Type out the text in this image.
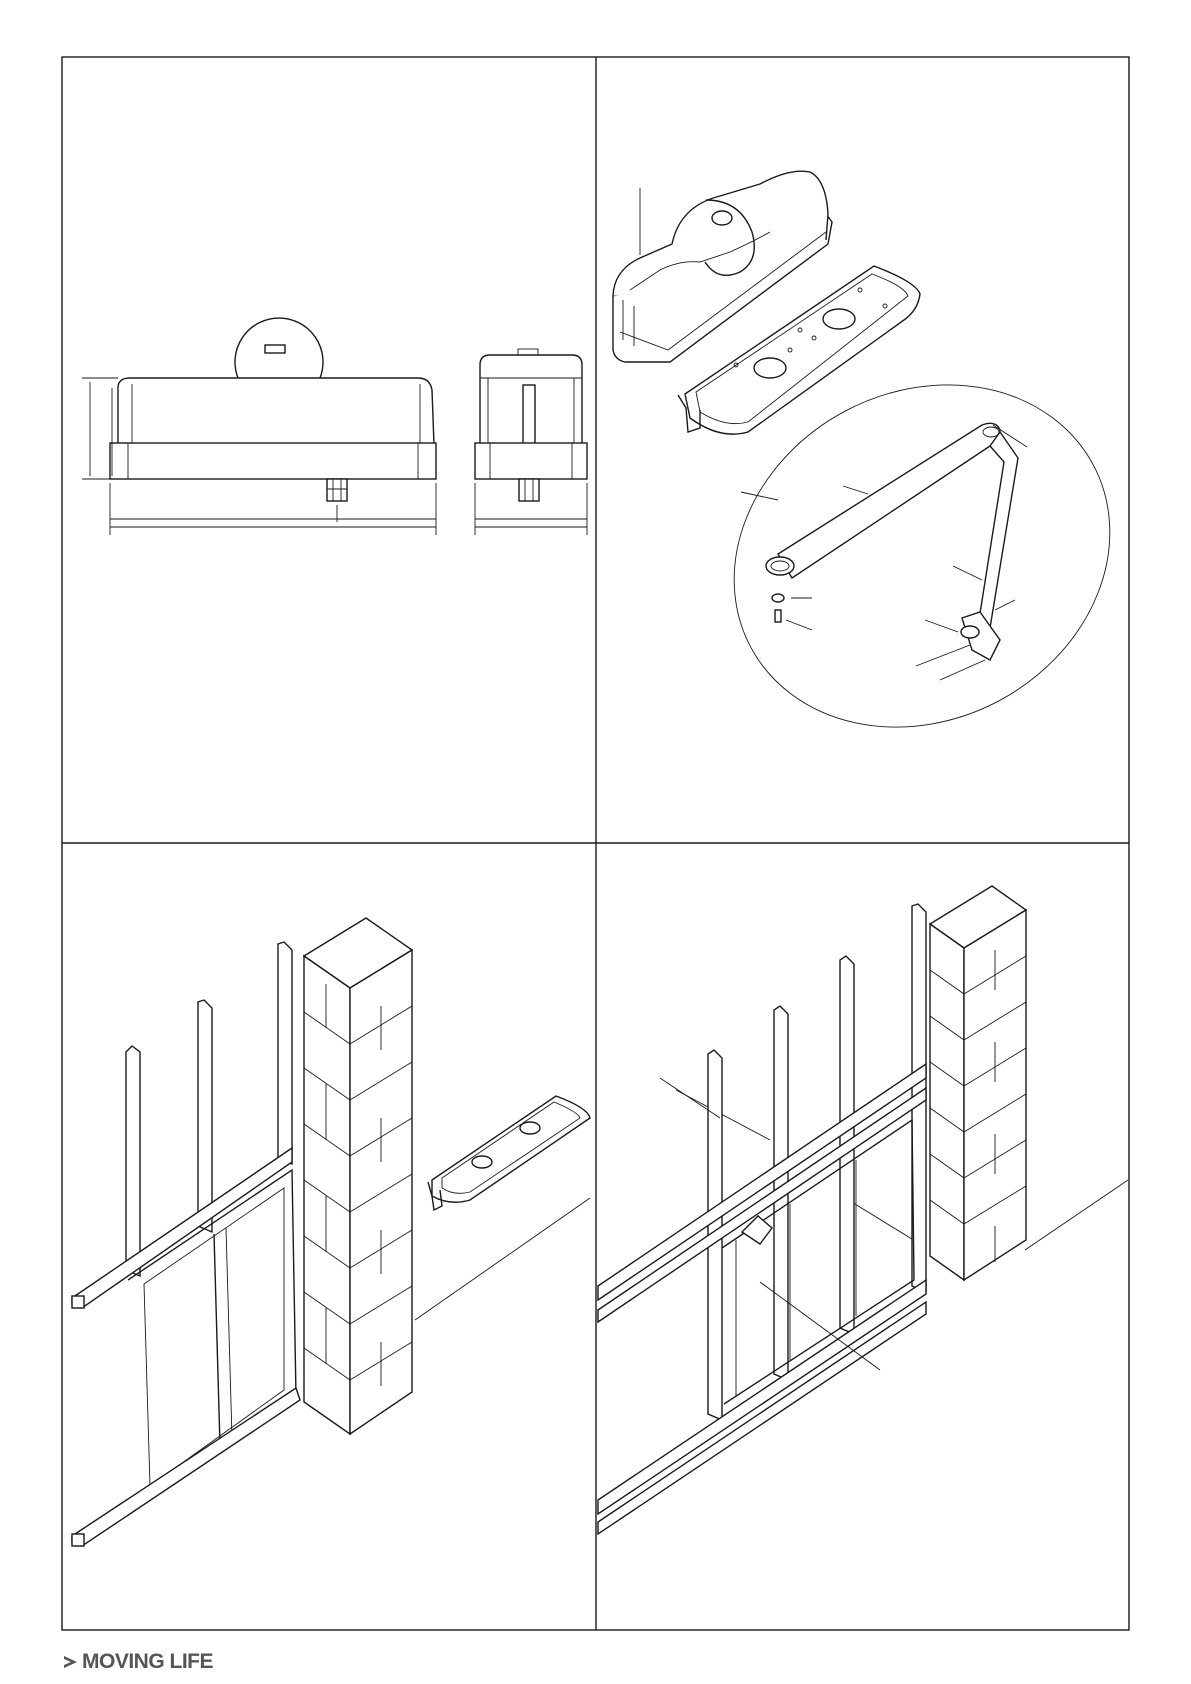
MOVING LIFE
